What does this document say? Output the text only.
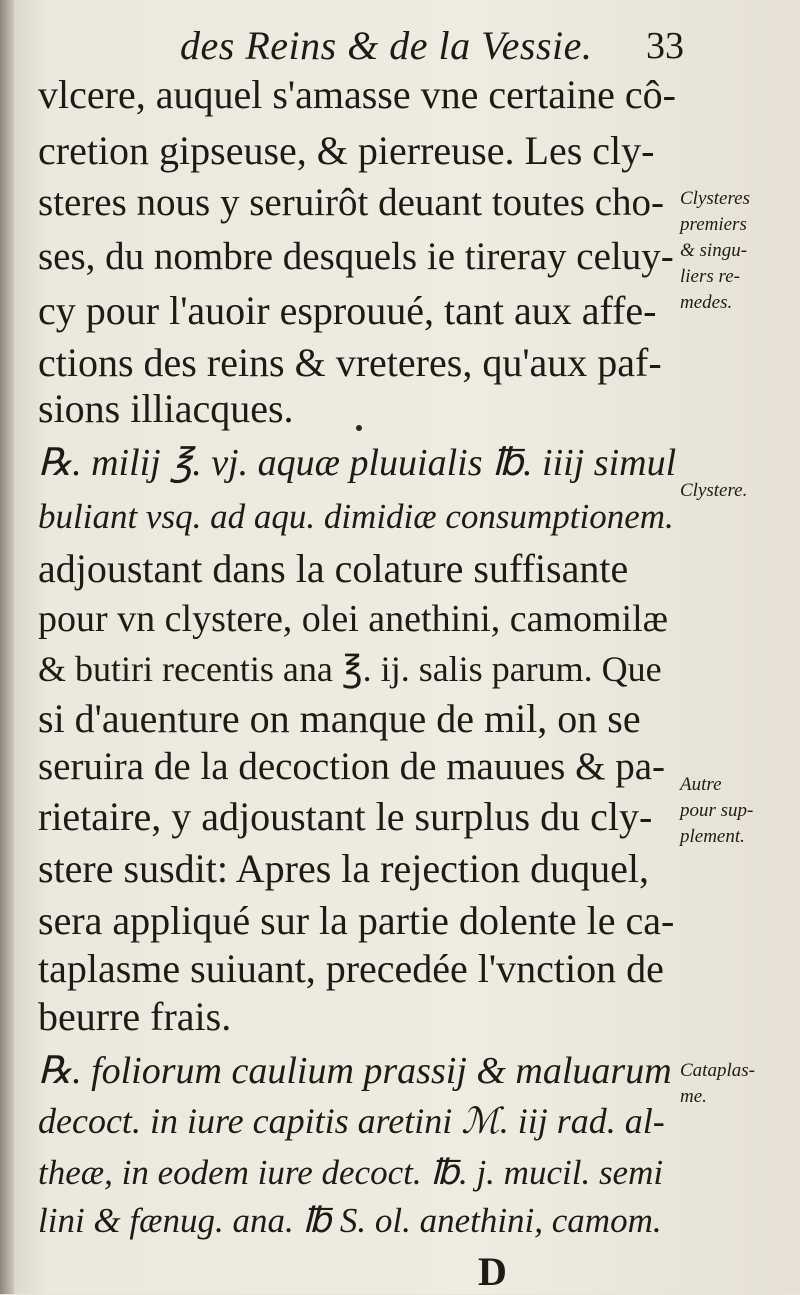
des Reins & de la Vessie. 33
vlcere, auquel s'amasse vne certaine cô-
cretion gipseuse, & pierreuse. Les cly-
steres nous y seruirôt deuant toutes cho-
ses, du nombre desquels ie tireray celuy-
cy pour l'auoir esprouué, tant aux affe-
ctions des reins & vreteres, qu'aux paf-
sions illiacques.
℞. milij ℥. vj. aquæ pluuialis ℔. iiij simul
buliant vsq. ad aqu. dimidiæ consumptionem.
adjoustant dans la colature suffisante
pour vn clystere, olei anethini, camomilæ
& butiri recentis ana ℥. ij. salis parum. Que
si d'auenture on manque de mil, on se
seruira de la decoction de mauues & pa-
rietaire, y adjoustant le surplus du cly-
stere susdit: Apres la rejection duquel,
sera appliqué sur la partie dolente le ca-
taplasme suiuant, precedée l'vnction de
beurre frais.
℞. foliorum caulium prassij & maluarum
decoct. in iure capitis aretini ℳ. iij rad. al-
theæ, in eodem iure decoct. ℔. j. mucil. semi
lini & fænug. ana. ℔ S. ol. anethini, camom.
Clysteres
premiers
& singu-
liers re-
medes.
Clystere.
Autre
pour sup-
plement.
Cataplas-
me.
D
